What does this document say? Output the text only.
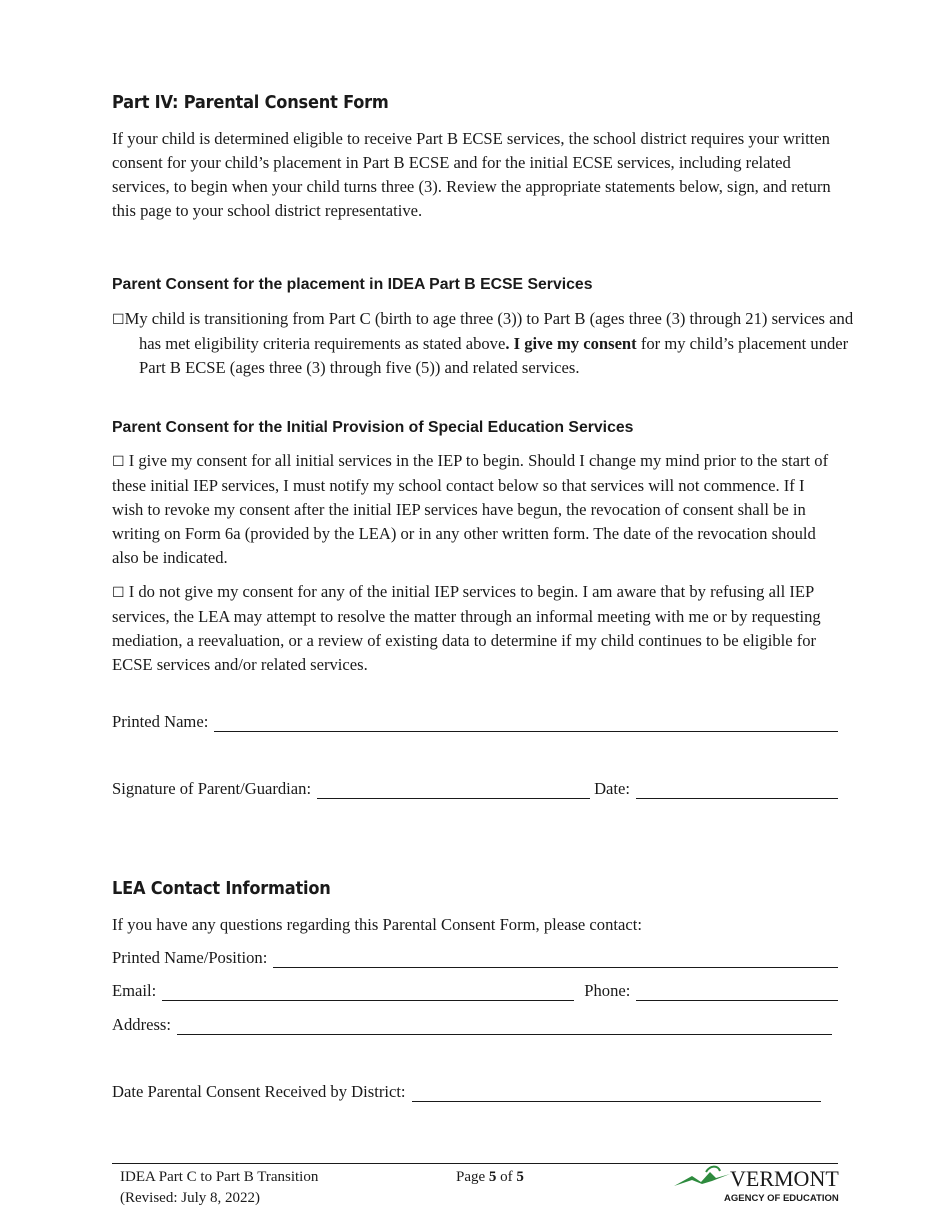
Part IV: Parental Consent Form

If your child is determined eligible to receive Part B ECSE services, the school district requires your written consent for your child’s placement in Part B ECSE and for the initial ECSE services, including related services, to begin when your child turns three (3). Review the appropriate statements below, sign, and return this page to your school district representative.

Parent Consent for the placement in IDEA Part B ECSE Services

☐My child is transitioning from Part C (birth to age three (3)) to Part B (ages three (3) through 21) services and has met eligibility criteria requirements as stated above. I give my consent for my child’s placement under Part B ECSE (ages three (3) through five (5)) and related services.

Parent Consent for the Initial Provision of Special Education Services

☐ I give my consent for all initial services in the IEP to begin. Should I change my mind prior to the start of these initial IEP services, I must notify my school contact below so that services will not commence. If I wish to revoke my consent after the initial IEP services have begun, the revocation of consent shall be in writing on Form 6a (provided by the LEA) or in any other written form. The date of the revocation should also be indicated.

☐ I do not give my consent for any of the initial IEP services to begin. I am aware that by refusing all IEP services, the LEA may attempt to resolve the matter through an informal meeting with me or by requesting mediation, a reevaluation, or a review of existing data to determine if my child continues to be eligible for ECSE services and/or related services.

Printed Name:
Signature of Parent/Guardian:	Date:
LEA Contact Information

If you have any questions regarding this Parental Consent Form, please contact:

Printed Name/Position:
Email:	Phone:
Address:
Date Parental Consent Received by District:
IDEA Part C to Part B Transition
(Revised: July 8, 2022)
Page 5 of 5	VERMONT
AGENCY OF EDUCATION
